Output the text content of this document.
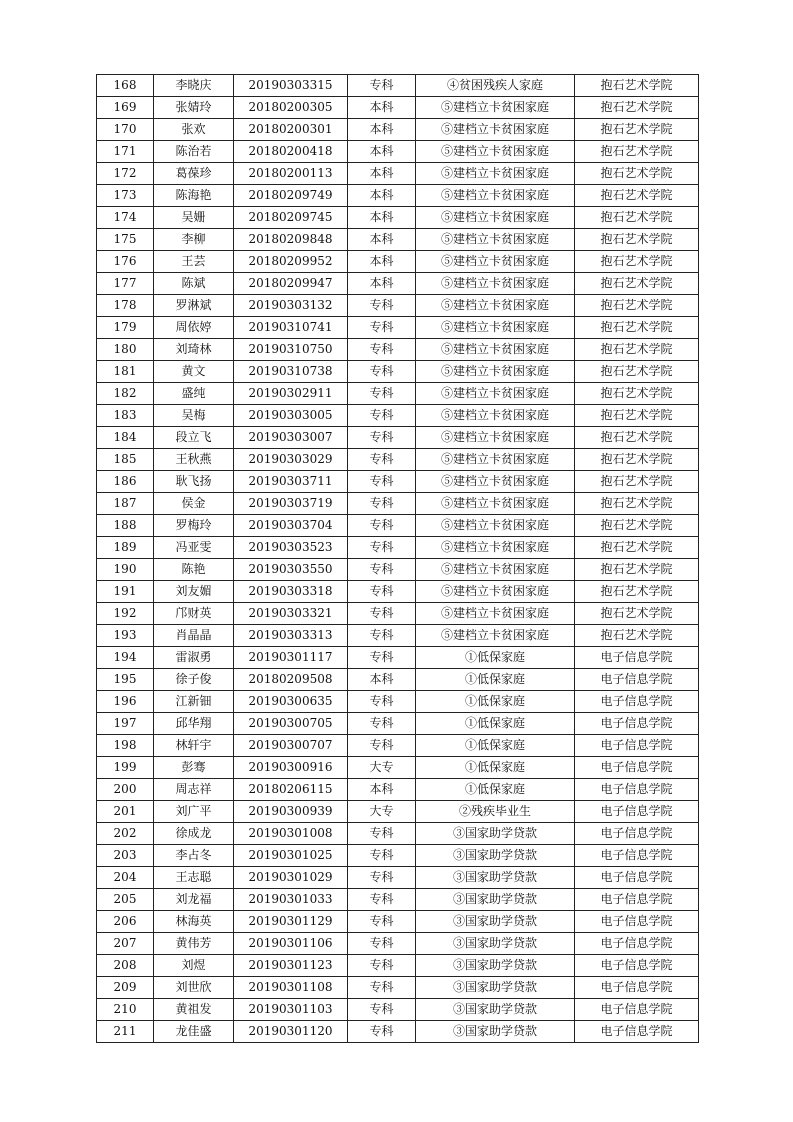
168	李晓庆	20190303315	专科	④贫困残疾人家庭	抱石艺术学院
169	张婧玲	20180200305	本科	⑤建档立卡贫困家庭	抱石艺术学院
170	张欢	20180200301	本科	⑤建档立卡贫困家庭	抱石艺术学院
171	陈治若	20180200418	本科	⑤建档立卡贫困家庭	抱石艺术学院
172	葛葆珍	20180200113	本科	⑤建档立卡贫困家庭	抱石艺术学院
173	陈海艳	20180209749	本科	⑤建档立卡贫困家庭	抱石艺术学院
174	吴姗	20180209745	本科	⑤建档立卡贫困家庭	抱石艺术学院
175	李柳	20180209848	本科	⑤建档立卡贫困家庭	抱石艺术学院
176	王芸	20180209952	本科	⑤建档立卡贫困家庭	抱石艺术学院
177	陈斌	20180209947	本科	⑤建档立卡贫困家庭	抱石艺术学院
178	罗淋斌	20190303132	专科	⑤建档立卡贫困家庭	抱石艺术学院
179	周依婷	20190310741	专科	⑤建档立卡贫困家庭	抱石艺术学院
180	刘琦林	20190310750	专科	⑤建档立卡贫困家庭	抱石艺术学院
181	黄文	20190310738	专科	⑤建档立卡贫困家庭	抱石艺术学院
182	盛纯	20190302911	专科	⑤建档立卡贫困家庭	抱石艺术学院
183	吴梅	20190303005	专科	⑤建档立卡贫困家庭	抱石艺术学院
184	段立飞	20190303007	专科	⑤建档立卡贫困家庭	抱石艺术学院
185	王秋燕	20190303029	专科	⑤建档立卡贫困家庭	抱石艺术学院
186	耿飞扬	20190303711	专科	⑤建档立卡贫困家庭	抱石艺术学院
187	侯金	20190303719	专科	⑤建档立卡贫困家庭	抱石艺术学院
188	罗梅玲	20190303704	专科	⑤建档立卡贫困家庭	抱石艺术学院
189	冯亚雯	20190303523	专科	⑤建档立卡贫困家庭	抱石艺术学院
190	陈艳	20190303550	专科	⑤建档立卡贫困家庭	抱石艺术学院
191	刘友媚	20190303318	专科	⑤建档立卡贫困家庭	抱石艺术学院
192	邝财英	20190303321	专科	⑤建档立卡贫困家庭	抱石艺术学院
193	肖晶晶	20190303313	专科	⑤建档立卡贫困家庭	抱石艺术学院
194	雷淑勇	20190301117	专科	①低保家庭	电子信息学院
195	徐子俊	20180209508	本科	①低保家庭	电子信息学院
196	江新钿	20190300635	专科	①低保家庭	电子信息学院
197	邱华翔	20190300705	专科	①低保家庭	电子信息学院
198	林轩宇	20190300707	专科	①低保家庭	电子信息学院
199	彭骞	20190300916	大专	①低保家庭	电子信息学院
200	周志祥	20180206115	本科	①低保家庭	电子信息学院
201	刘广平	20190300939	大专	②残疾毕业生	电子信息学院
202	徐成龙	20190301008	专科	③国家助学贷款	电子信息学院
203	李占冬	20190301025	专科	③国家助学贷款	电子信息学院
204	王志聪	20190301029	专科	③国家助学贷款	电子信息学院
205	刘龙福	20190301033	专科	③国家助学贷款	电子信息学院
206	林海英	20190301129	专科	③国家助学贷款	电子信息学院
207	黄伟芳	20190301106	专科	③国家助学贷款	电子信息学院
208	刘煜	20190301123	专科	③国家助学贷款	电子信息学院
209	刘世欣	20190301108	专科	③国家助学贷款	电子信息学院
210	黄祖发	20190301103	专科	③国家助学贷款	电子信息学院
211	龙佳盛	20190301120	专科	③国家助学贷款	电子信息学院
